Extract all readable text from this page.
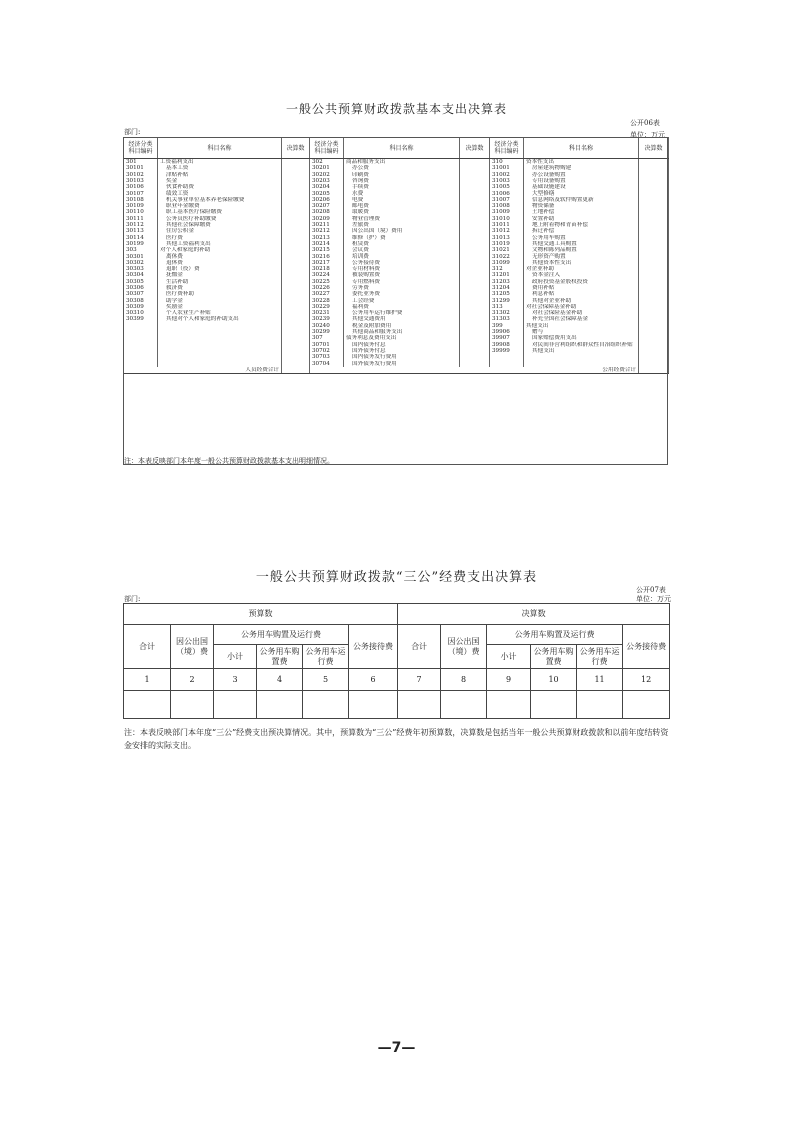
一般公共预算财政拨款基本支出决算表
公开06表
部门:	单位：万元
经济分类科目编码	科目名称	决算数	经济分类科目编码	科目名称	决算数	经济分类科目编码	科目名称	决算数
301	工资福利支出		302	商品和服务支出		310	资本性支出	
30101	基本工资		30201	办公费		31001	房屋建筑物购建	
30102	津贴补贴		30202	印刷费		31002	办公设备购置	
30103	奖金		30203	咨询费		31003	专用设备购置	
30106	伙食补助费		30204	手续费		31005	基础设施建设	
30107	绩效工资		30205	水费		31006	大型修缮	
30108	机关事业单位基本养老保险缴费		30206	电费		31007	信息网络及软件购置更新	
30109	职业年金缴费		30207	邮电费		31008	物资储备	
30110	职工基本医疗保险缴费		30208	取暖费		31009	土地补偿	
30111	公务员医疗补助缴费		30209	物业管理费		31010	安置补助	
30112	其他社会保障缴费		30211	差旅费		31011	地上附着物和青苗补偿	
30113	住房公积金		30212	因公出国（境）费用		31012	拆迁补偿	
30114	医疗费		30213	维修（护）费		31013	公务用车购置	
30199	其他工资福利支出		30214	租赁费		31019	其他交通工具购置	
303	对个人和家庭的补助		30215	会议费		31021	文物和陈列品购置	
30301	离休费		30216	培训费		31022	无形资产购置	
30302	退休费		30217	公务接待费		31099	其他资本性支出	
30303	退职（役）费		30218	专用材料费		312	对企业补助	
30304	抚恤金		30224	被装购置费		31201	资本金注入	
30305	生活补助		30225	专用燃料费		31203	政府投资基金股权投资	
30306	救济费		30226	劳务费		31204	费用补贴	
30307	医疗费补助		30227	委托业务费		31205	利息补贴	
30308	助学金		30228	工会经费		31299	其他对企业补助	
30309	奖励金		30229	福利费		313	对社会保障基金补助	
30310	个人农业生产补贴		30231	公务用车运行维护费		31302	对社会保险基金补助	
30399	其他对个人和家庭的补助支出		30239	其他交通费用		31303	补充全国社会保障基金	
			30240	税金及附加费用		399	其他支出	
			30299	其他商品和服务支出		39906	赠与	
			307	债务利息及费用支出		39907	国家赔偿费用支出	
			30701	国内债务付息		39908	对民间非营利组织和群众性自治组织补贴	
			30702	国外债务付息		39999	其他支出	
			30703	国内债务发行费用				
			30704	国外债务发行费用				
人员经费合计			公用经费合计					
注：本表反映部门本年度一般公共预算财政拨款基本支出明细情况。
一般公共预算财政拨款“三公”经费支出决算表
公开07表
部门:	单位：万元
预算数						决算数					
合计	因公出国（境）费	公务用车购置及运行费			公务接待费	合计	因公出国（境）费	公务用车购置及运行费			公务接待费
		小计	公务用车购置费	公务用车运行费				小计	公务用车购置费	公务用车运行费	
1	2	3	4	5	6	7	8	9	10	11	12

注：本表反映部门本年度“三公”经费支出预决算情况。其中，预算数为“三公”经费年初预算数，决算数是包括当年一般公共预算财政拨款和以前年度结转资金安排的实际支出。
—7—
